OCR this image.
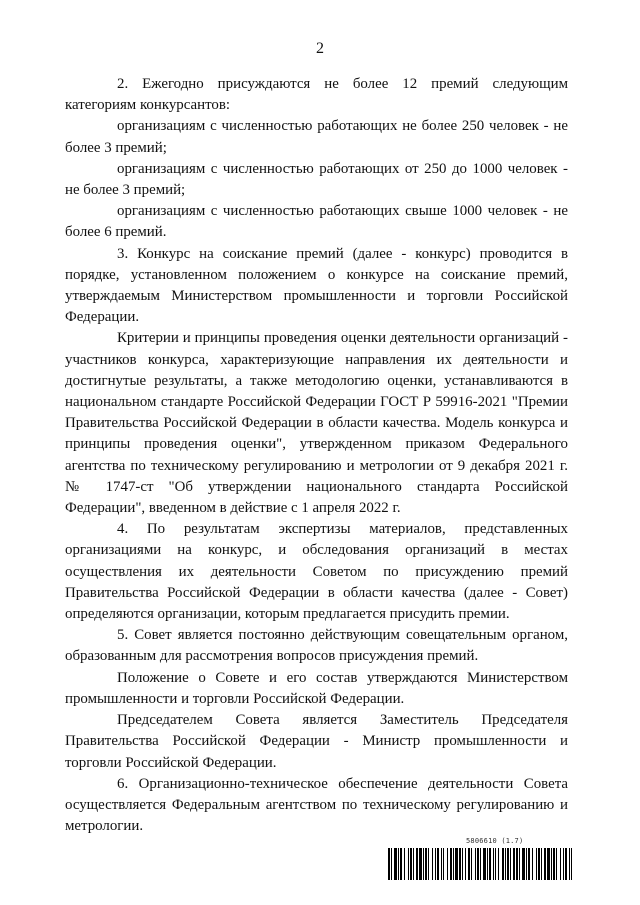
2

2. Ежегодно присуждаются не более 12 премий следующим категориям конкурсантов:

организациям с численностью работающих не более 250 человек - не более 3 премий;

организациям с численностью работающих от 250 до 1000 человек - не более 3 премий;

организациям с численностью работающих свыше 1000 человек - не более 6 премий.

3. Конкурс на соискание премий (далее - конкурс) проводится в порядке, установленном положением о конкурсе на соискание премий, утверждаемым Министерством промышленности и торговли Российской Федерации.

Критерии и принципы проведения оценки деятельности организаций - участников конкурса, характеризующие направления их деятельности и достигнутые результаты, а также методологию оценки, устанавливаются в национальном стандарте Российской Федерации ГОСТ Р 59916-2021 "Премии Правительства Российской Федерации в области качества. Модель конкурса и принципы проведения оценки", утвержденном приказом Федерального агентства по техническому регулированию и метрологии от 9 декабря 2021 г. № 1747-ст "Об утверждении национального стандарта Российской Федерации", введенном в действие с 1 апреля 2022 г.

4. По результатам экспертизы материалов, представленных организациями на конкурс, и обследования организаций в местах осуществления их деятельности Советом по присуждению премий Правительства Российской Федерации в области качества (далее - Совет) определяются организации, которым предлагается присудить премии.

5. Совет является постоянно действующим совещательным органом, образованным для рассмотрения вопросов присуждения премий.

Положение о Совете и его состав утверждаются Министерством промышленности и торговли Российской Федерации.

Председателем Совета является Заместитель Председателя Правительства Российской Федерации - Министр промышленности и торговли Российской Федерации.

6. Организационно-техническое обеспечение деятельности Совета осуществляется Федеральным агентством по техническому регулированию и метрологии.

5806610 (1.7)
